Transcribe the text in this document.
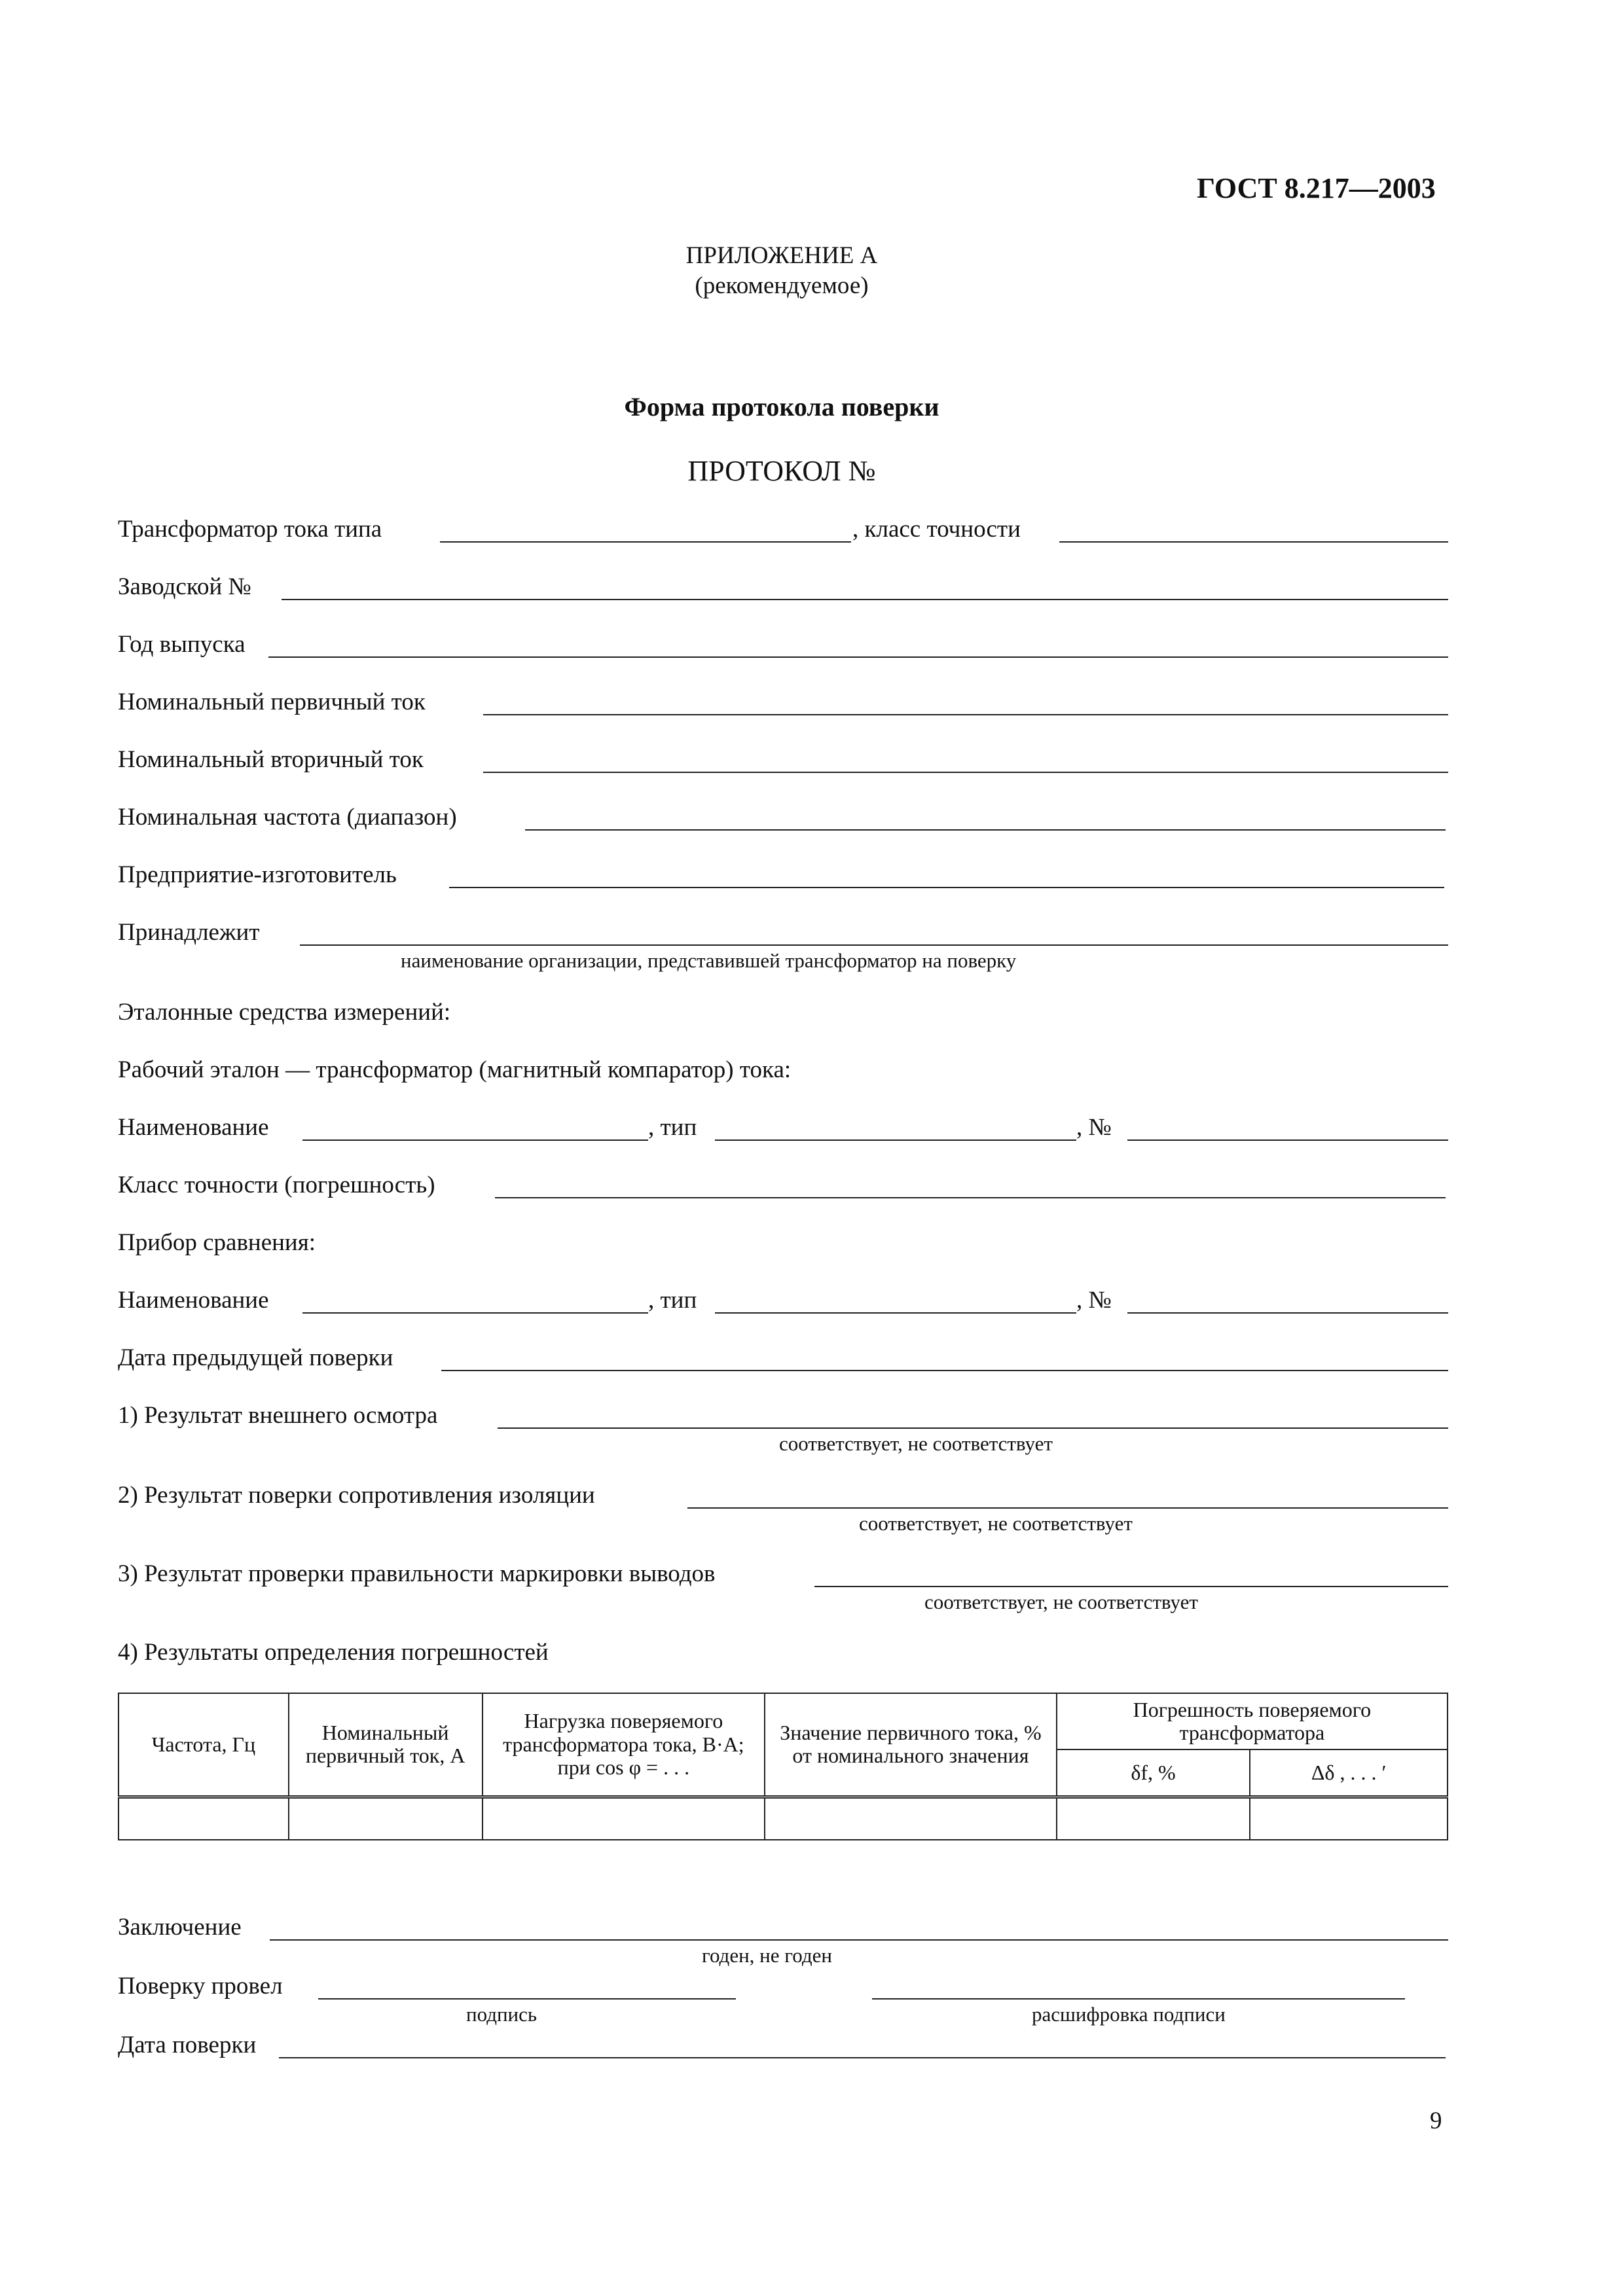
ГОСТ 8.217—2003
ПРИЛОЖЕНИЕ А
(рекомендуемое)
Форма протокола поверки
ПРОТОКОЛ №
Трансформатор тока типа	, класс точности
Заводской №
Год выпуска
Номинальный первичный ток
Номинальный вторичный ток
Номинальная частота (диапазон)
Предприятие-изготовитель
Принадлежит
наименование организации, представившей трансформатор на поверку
Эталонные средства измерений:
Рабочий эталон — трансформатор (магнитный компаратор) тока:
Наименование	, тип	, №
Класс точности (погрешность)
Прибор сравнения:
Наименование	, тип	, №
Дата предыдущей поверки
1) Результат внешнего осмотра
соответствует, не соответствует
2) Результат поверки сопротивления изоляции
соответствует, не соответствует
3) Результат проверки правильности маркировки выводов
соответствует, не соответствует
4) Результаты определения погрешностей
Частота, Гц	Номинальный первичный ток, А	Нагрузка поверяемого трансформатора тока, В·А; при cos φ = . . .	Значение первичного тока, % от номинального значения	Погрешность поверяемого трансформатора	
				δf, %	Δδ , . . . ′

Заключение
годен, не годен
Поверку провел
подпись	расшифровка подписи
Дата поверки
9
